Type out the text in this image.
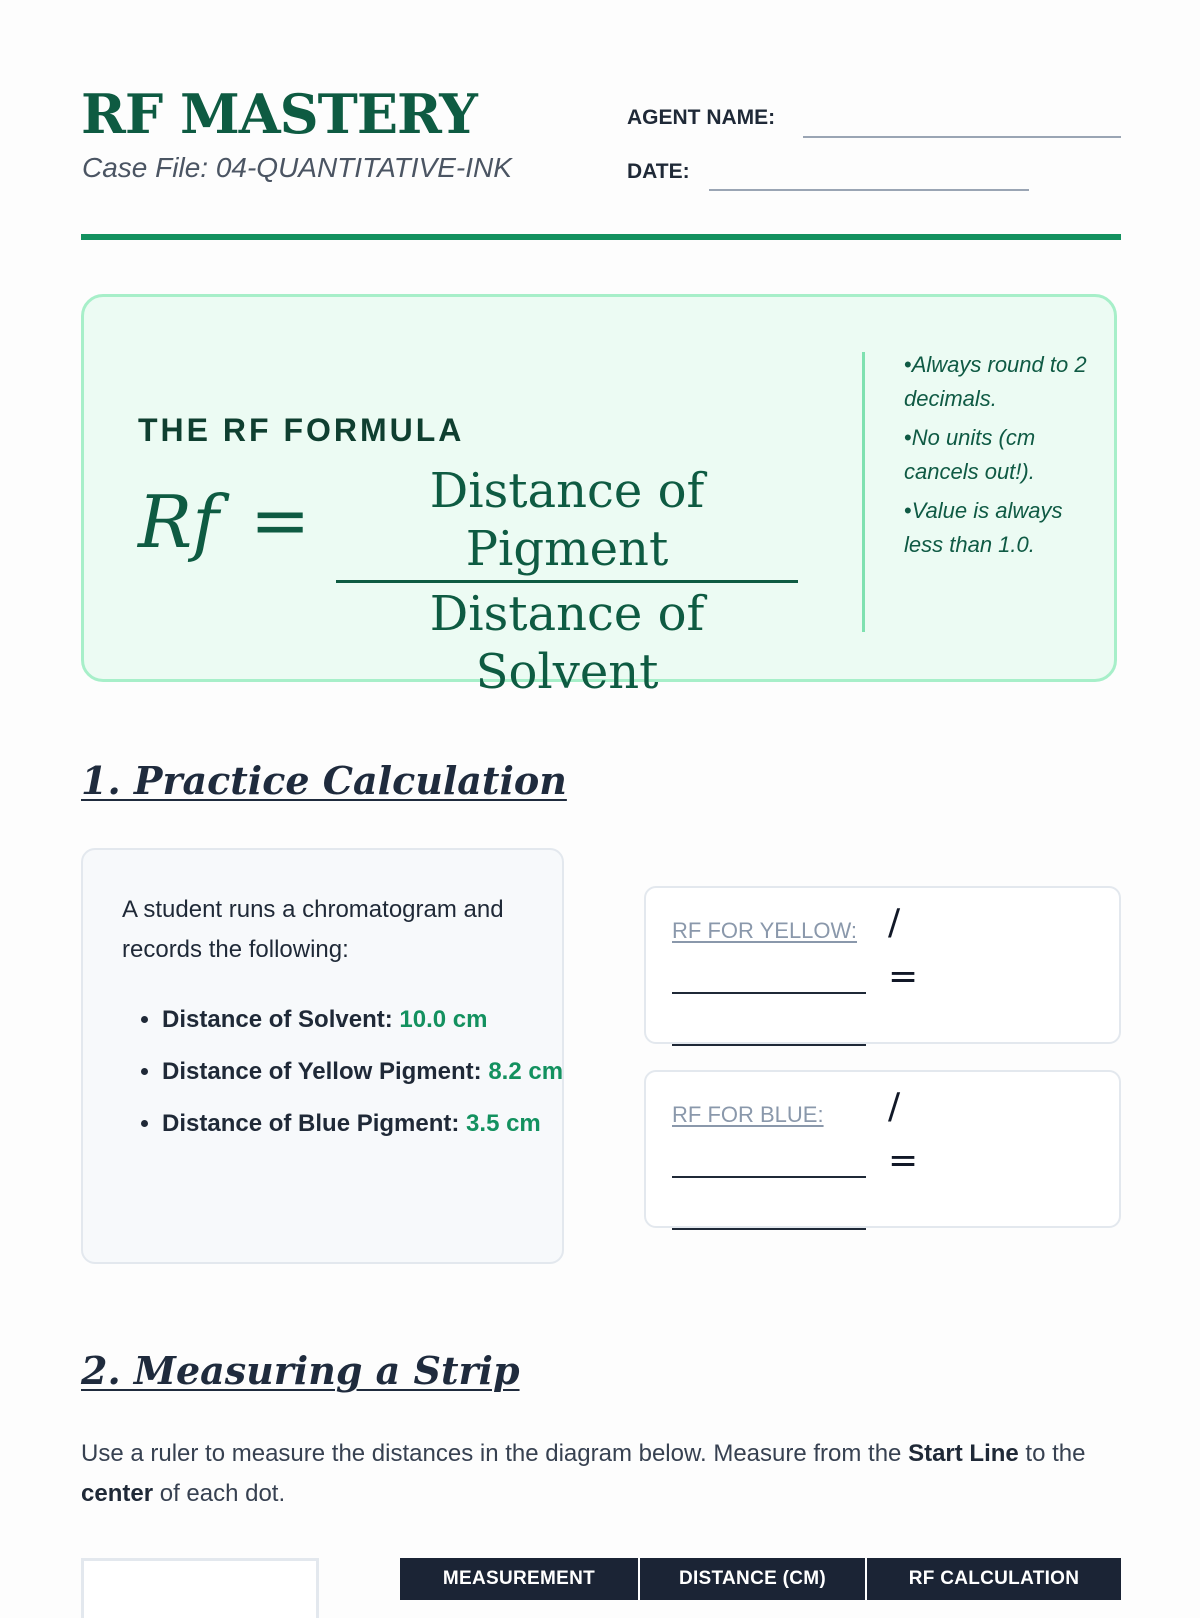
RF MASTERY
Case File: 04-QUANTITATIVE-INK
AGENT NAME:
DATE:
THE RF FORMULA
Rf =	Distance of Pigment
Distance of Solvent
• Always round to 2 decimals.
• No units (cm cancels out!).
• Value is always less than 1.0.
1. Practice Calculation
A student runs a chromatogram and records the following:
• Distance of Solvent: 10.0 cm
• Distance of Yellow Pigment: 8.2 cm
• Distance of Blue Pigment: 3.5 cm
RF FOR YELLOW: /
=
RF FOR BLUE:	/
=
2. Measuring a Strip
Use a ruler to measure the distances in the diagram below. Measure from the Start Line to the center of each dot.
MEASUREMENT	DISTANCE (CM)	RF CALCULATION
